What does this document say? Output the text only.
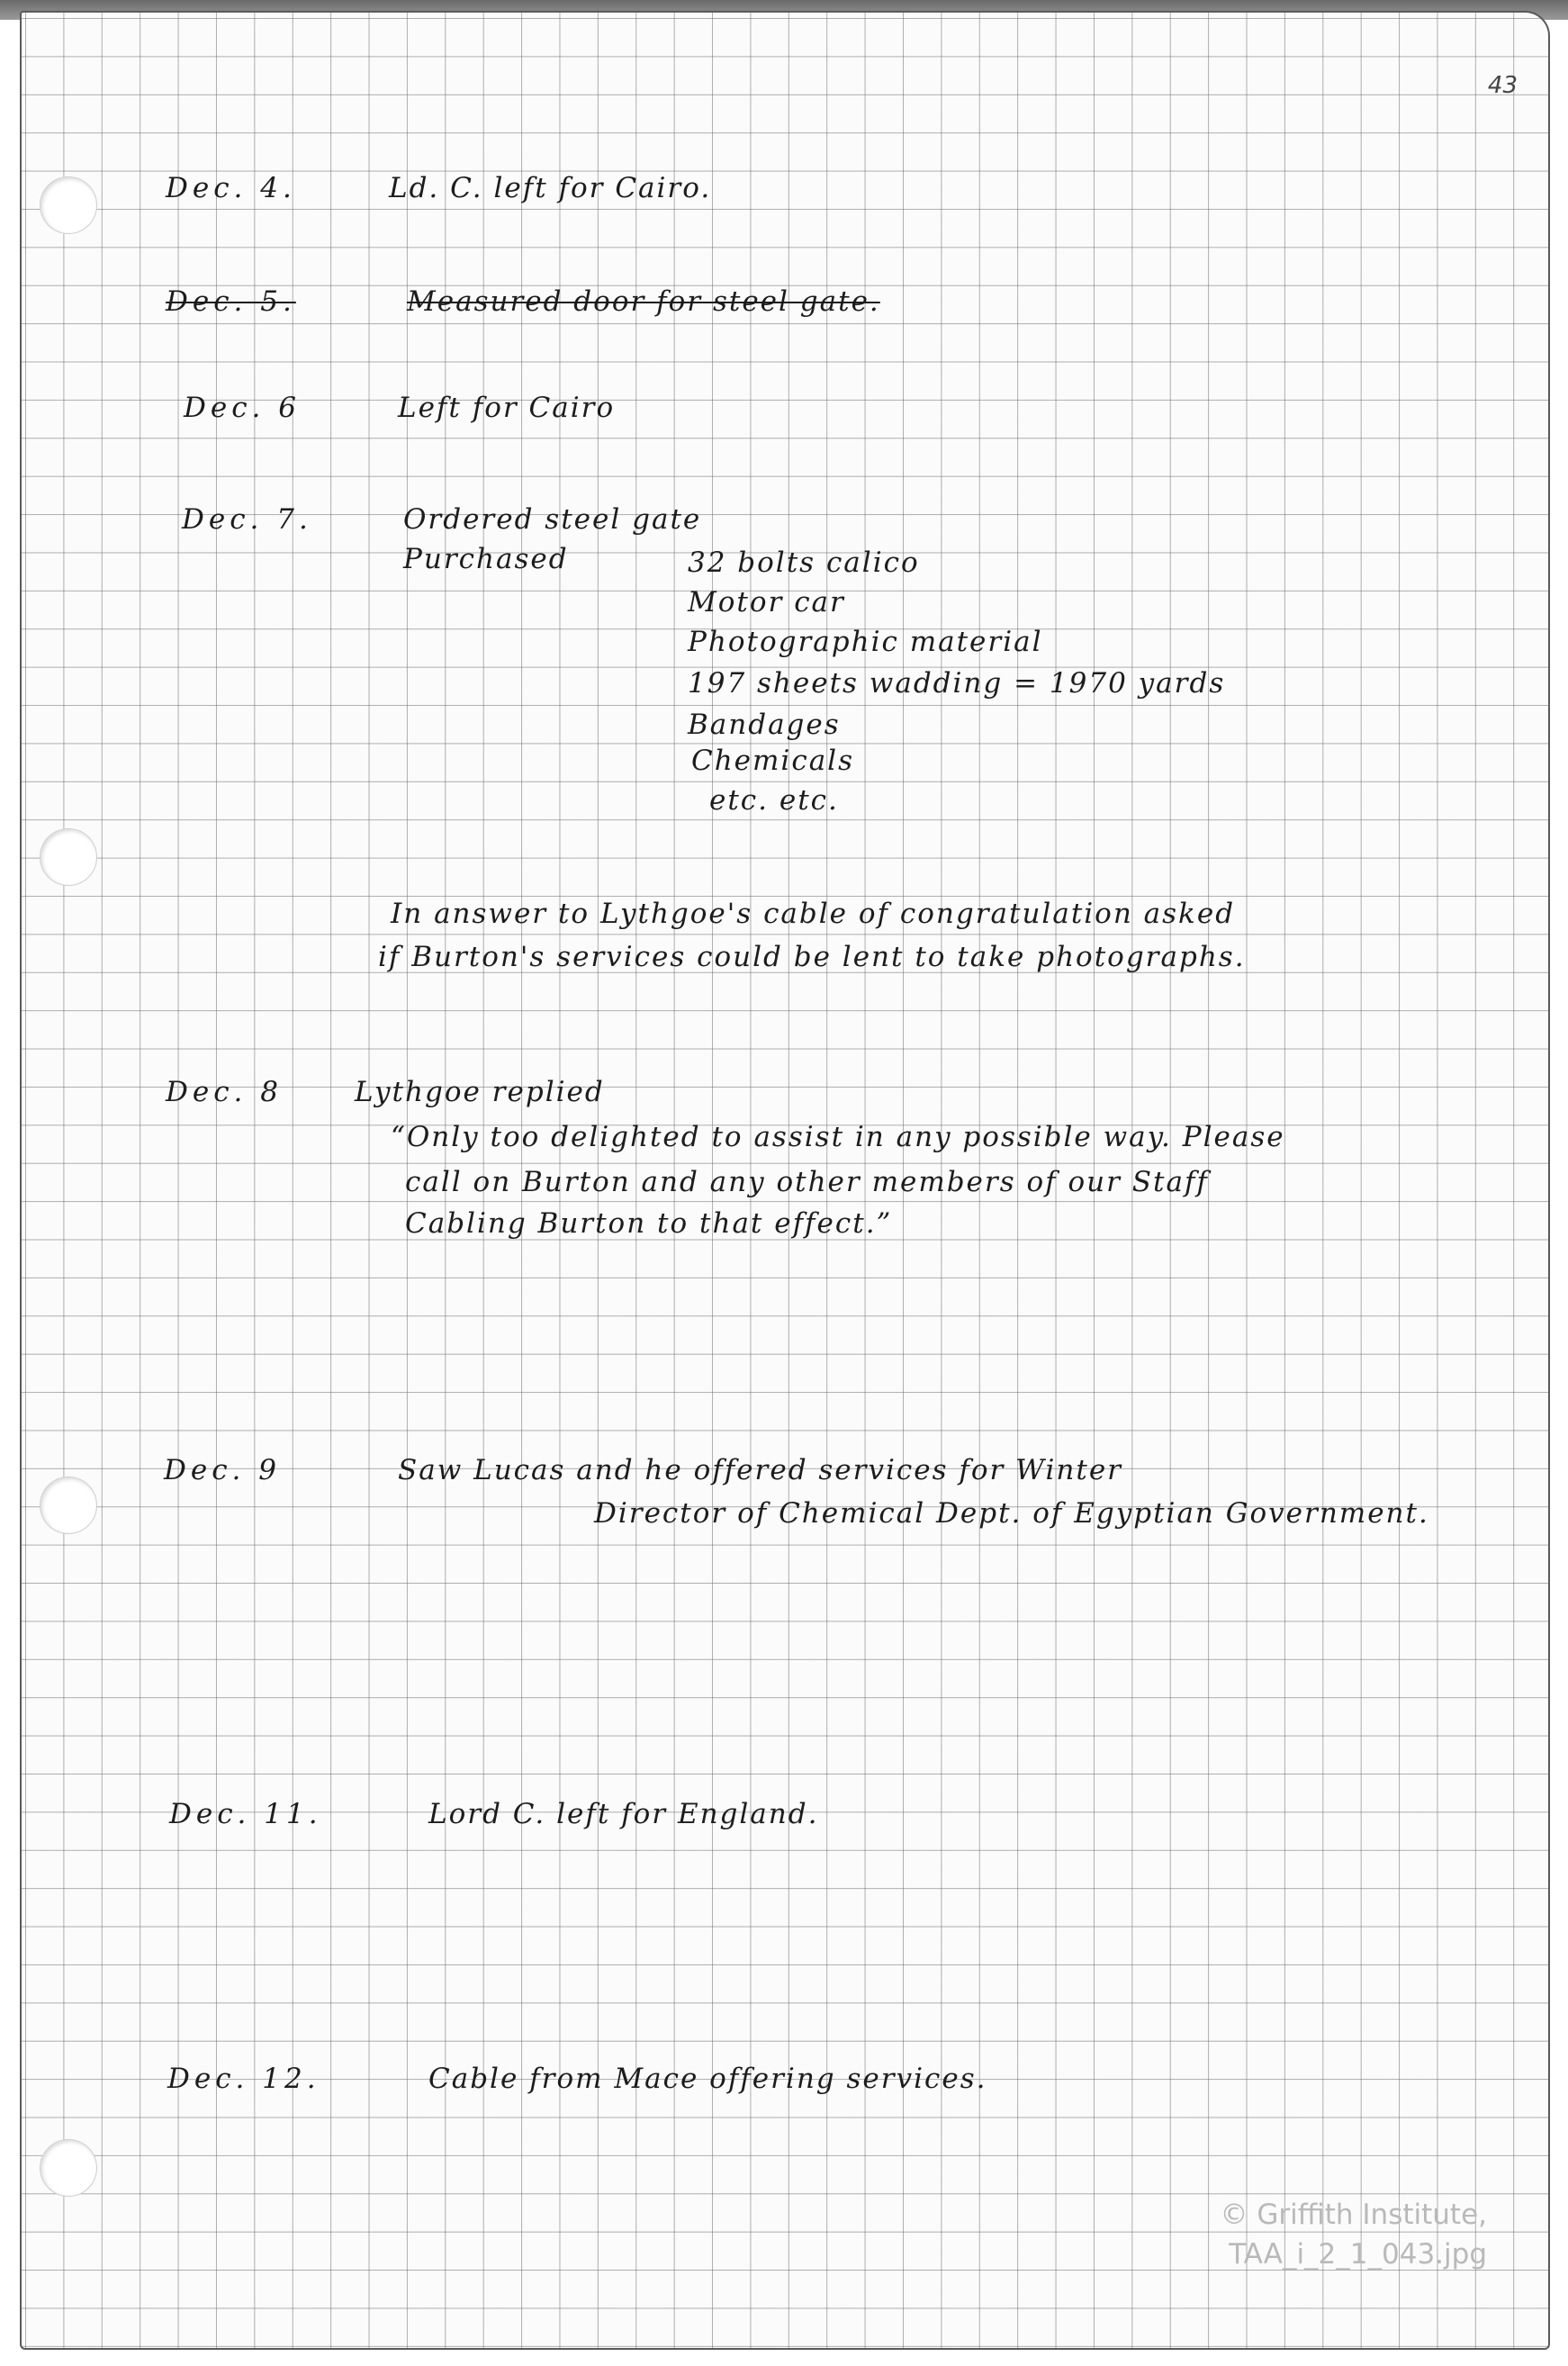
43
Dec. 4.	Ld. C. left for Cairo.
Dec. 5.	Measured door for steel gate.
Dec. 6	Left for Cairo
Dec. 7.	Ordered steel gate
Purchased	32 bolts calico
Motor car
Photographic material
197 sheets wadding = 1970 yards
Bandages
Chemicals
etc. etc.
In answer to Lythgoe's cable of congratulation asked
if Burton's services could be lent to take photographs.
Dec. 8	Lythgoe replied
“Only too delighted to assist in any possible way. Please
call on Burton and any other members of our Staff
Cabling Burton to that effect.”
Dec. 9	Saw Lucas and he offered services for Winter
Director of Chemical Dept. of Egyptian Government.
Dec. 11.	Lord C. left for England.
Dec. 12.	Cable from Mace offering services.
© Griffith Institute,
TAA_i_2_1_043.jpg
